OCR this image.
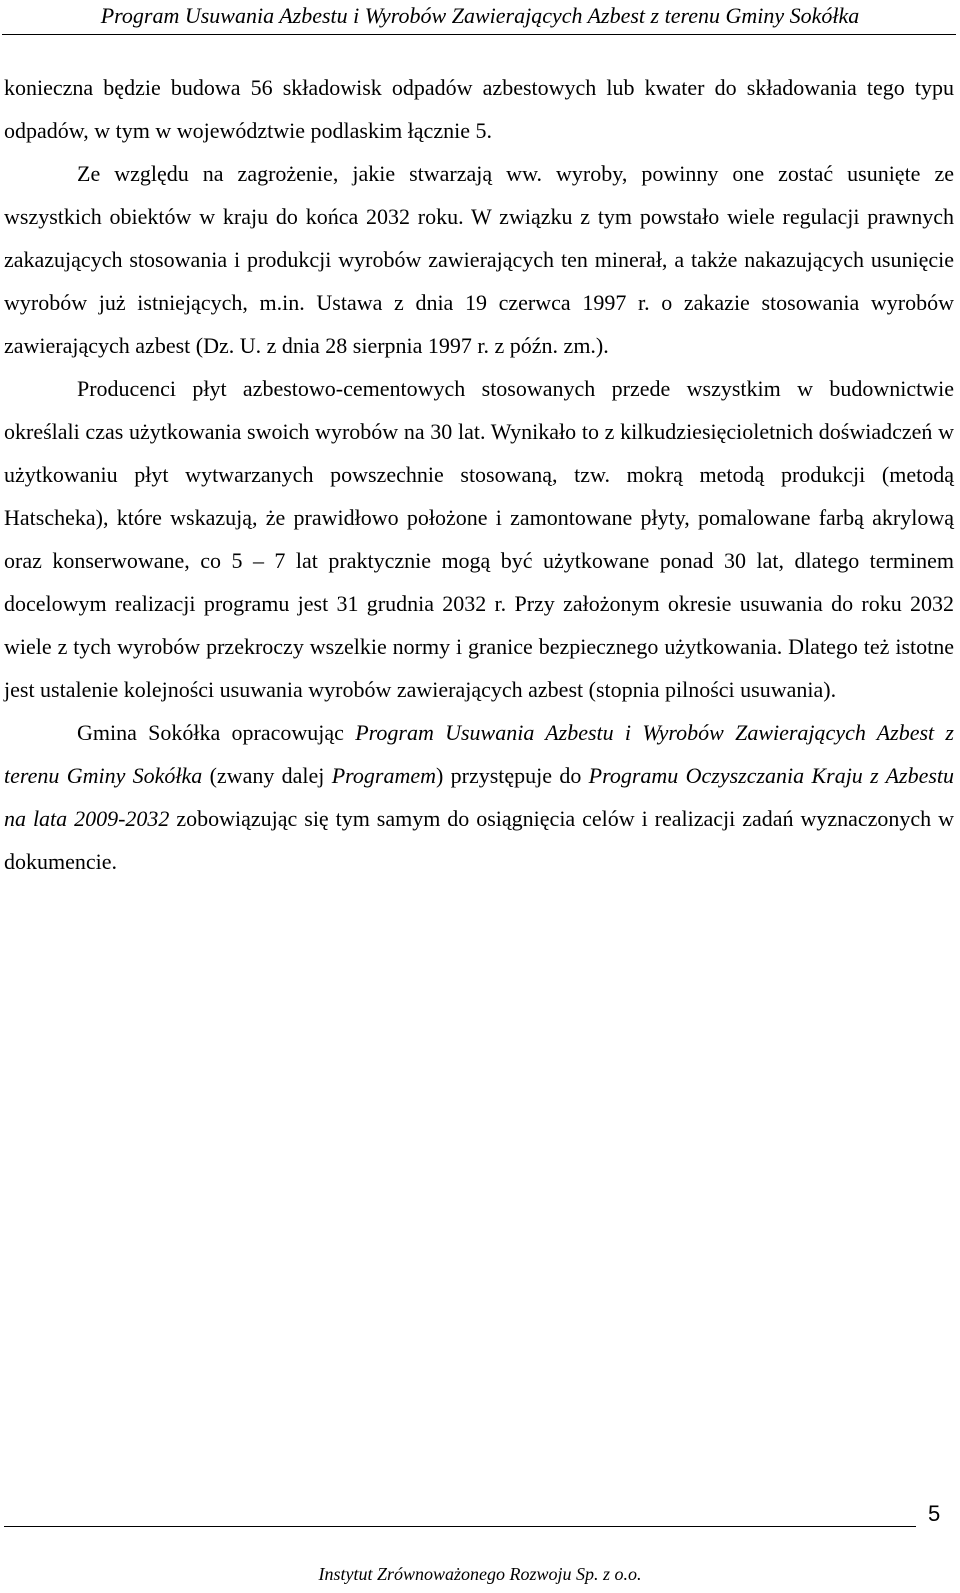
Program Usuwania Azbestu i Wyrobów Zawierających Azbest z terenu Gminy Sokółka

konieczna będzie budowa 56 składowisk odpadów azbestowych lub kwater do składowania tego typu odpadów, w tym w województwie podlaskim łącznie 5.

Ze względu na zagrożenie, jakie stwarzają ww. wyroby, powinny one zostać usunięte ze wszystkich obiektów w kraju do końca 2032 roku. W związku z tym powstało wiele regulacji prawnych zakazujących stosowania i produkcji wyrobów zawierających ten minerał, a także nakazujących usunięcie wyrobów już istniejących, m.in. Ustawa z dnia 19 czerwca 1997 r. o zakazie stosowania wyrobów zawierających azbest (Dz. U. z dnia 28 sierpnia 1997 r. z późn. zm.).

Producenci płyt azbestowo-cementowych stosowanych przede wszystkim w budownictwie określali czas użytkowania swoich wyrobów na 30 lat. Wynikało to z kilkudziesięcioletnich doświadczeń w użytkowaniu płyt wytwarzanych powszechnie stosowaną, tzw. mokrą metodą produkcji (metodą Hatscheka), które wskazują, że prawidłowo położone i zamontowane płyty, pomalowane farbą akrylową oraz konserwowane, co 5 – 7 lat praktycznie mogą być użytkowane ponad 30 lat, dlatego terminem docelowym realizacji programu jest 31 grudnia 2032 r. Przy założonym okresie usuwania do roku 2032 wiele z tych wyrobów przekroczy wszelkie normy i granice bezpiecznego użytkowania. Dlatego też istotne jest ustalenie kolejności usuwania wyrobów zawierających azbest (stopnia pilności usuwania).

Gmina Sokółka opracowując Program Usuwania Azbestu i Wyrobów Zawierających Azbest z terenu Gminy Sokółka (zwany dalej Programem) przystępuje do Programu Oczyszczania Kraju z Azbestu na lata 2009-2032 zobowiązując się tym samym do osiągnięcia celów i realizacji zadań wyznaczonych w dokumencie.

5
Instytut Zrównoważonego Rozwoju Sp. z o.o.
